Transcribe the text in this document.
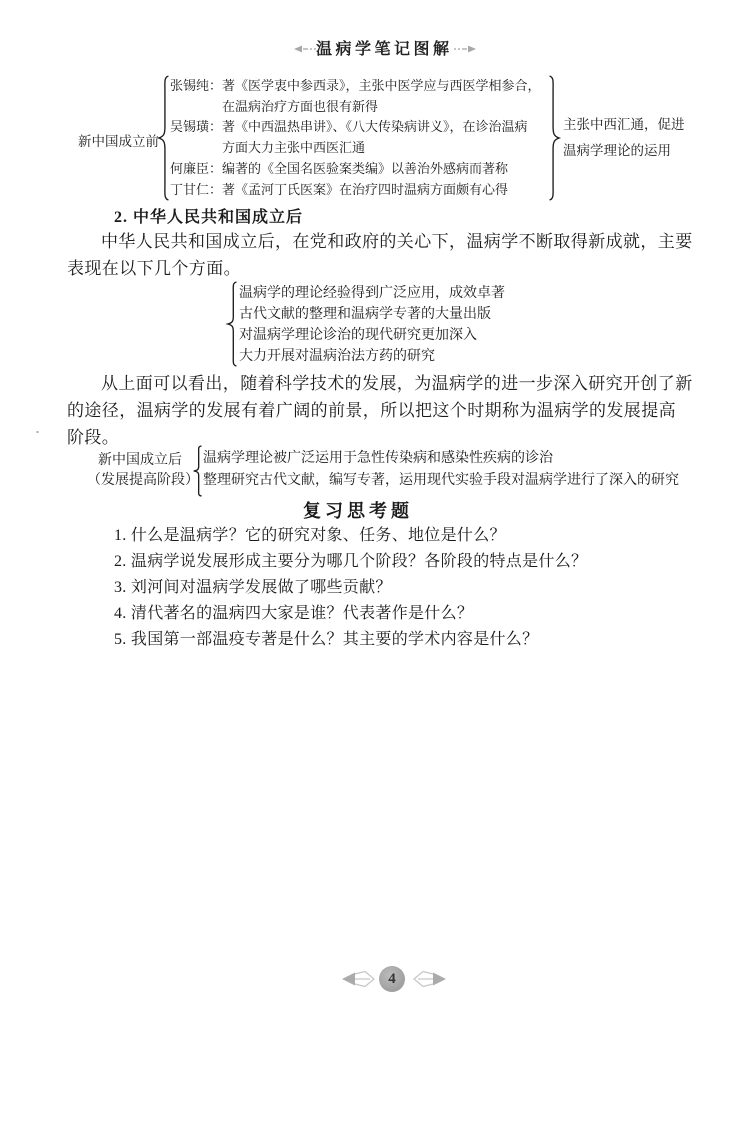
温病学笔记图解
新中国成立前
张锡纯：著《医学衷中参西录》，主张中医学应与西医学相参合，
在温病治疗方面也很有新得
吴锡璜：著《中西温热串讲》、《八大传染病讲义》，在诊治温病
方面大力主张中西医汇通
何廉臣：编著的《全国名医验案类编》以善治外感病而著称
丁甘仁：著《孟河丁氏医案》在治疗四时温病方面颇有心得
主张中西汇通，促进
温病学理论的运用
2. 中华人民共和国成立后
中华人民共和国成立后，在党和政府的关心下，温病学不断取得新成就，主要
表现在以下几个方面。
温病学的理论经验得到广泛应用，成效卓著
古代文献的整理和温病学专著的大量出版
对温病学理论诊治的现代研究更加深入
大力开展对温病治法方药的研究
从上面可以看出，随着科学技术的发展，为温病学的进一步深入研究开创了新
的途径，温病学的发展有着广阔的前景，所以把这个时期称为温病学的发展提高
阶段。
新中国成立后
（发展提高阶段）
温病学理论被广泛运用于急性传染病和感染性疾病的诊治
整理研究古代文献，编写专著，运用现代实验手段对温病学进行了深入的研究
复习思考题
1. 什么是温病学？它的研究对象、任务、地位是什么？
2. 温病学说发展形成主要分为哪几个阶段？各阶段的特点是什么？
3. 刘河间对温病学发展做了哪些贡献？
4. 清代著名的温病四大家是谁？代表著作是什么？
5. 我国第一部温疫专著是什么？其主要的学术内容是什么？
4
